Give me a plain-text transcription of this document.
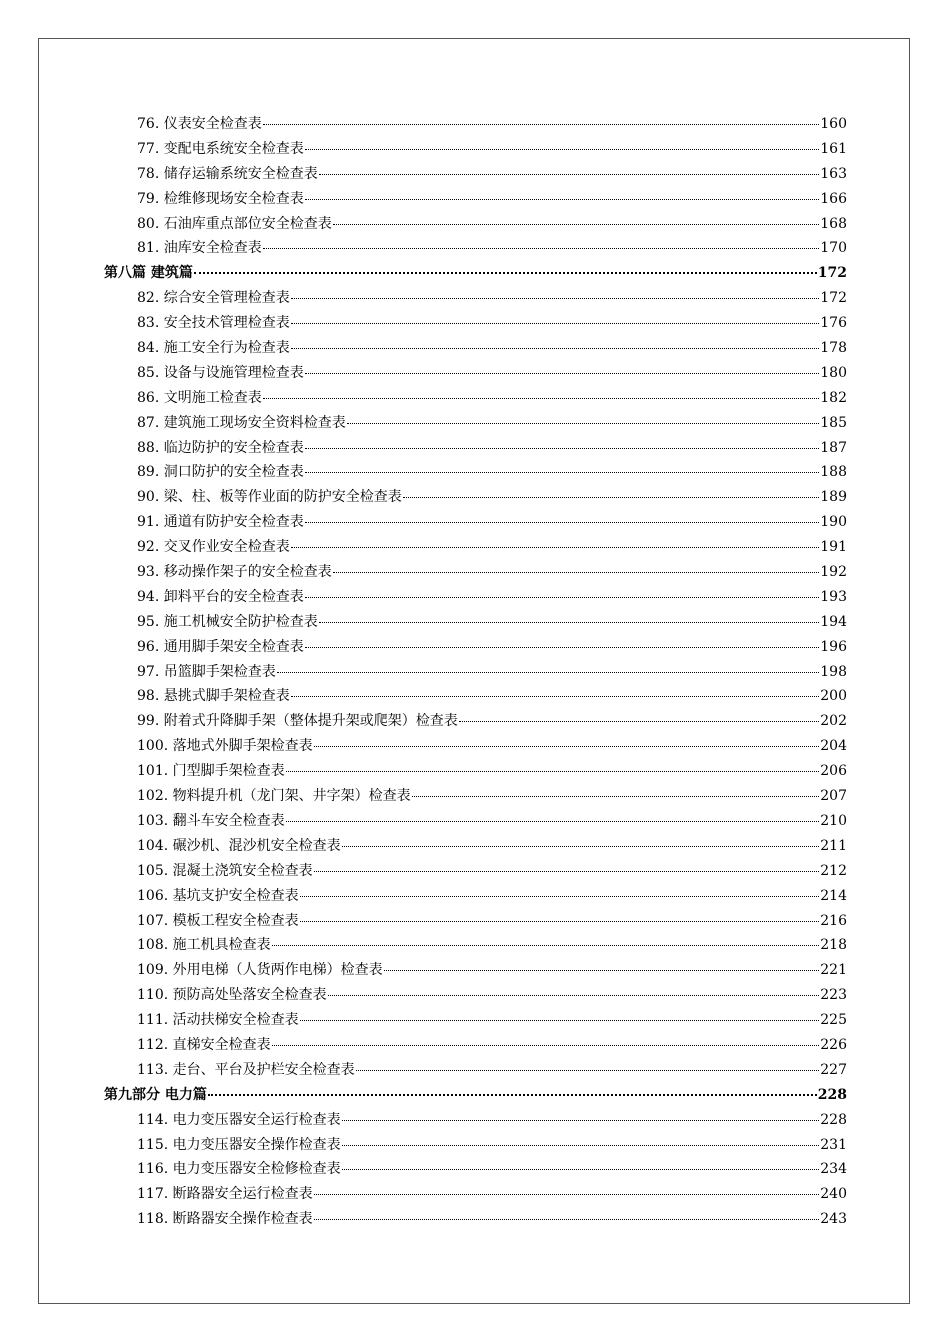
76. 仪表安全检查表	160
77. 变配电系统安全检查表	161
78. 储存运输系统安全检查表	163
79. 检维修现场安全检查表	166
80. 石油库重点部位安全检查表	168
81. 油库安全检查表	170
第八篇 建筑篇	172
82. 综合安全管理检查表	172
83. 安全技术管理检查表	176
84. 施工安全行为检查表	178
85. 设备与设施管理检查表	180
86. 文明施工检查表	182
87. 建筑施工现场安全资料检查表	185
88. 临边防护的安全检查表	187
89. 洞口防护的安全检查表	188
90. 梁、柱、板等作业面的防护安全检查表	189
91. 通道有防护安全检查表	190
92. 交叉作业安全检查表	191
93. 移动操作架子的安全检查表	192
94. 卸料平台的安全检查表	193
95. 施工机械安全防护检查表	194
96. 通用脚手架安全检查表	196
97. 吊篮脚手架检查表	198
98. 悬挑式脚手架检查表	200
99. 附着式升降脚手架（整体提升架或爬架）检查表	202
100. 落地式外脚手架检查表	204
101. 门型脚手架检查表	206
102. 物料提升机（龙门架、井字架）检查表	207
103. 翻斗车安全检查表	210
104. 碾沙机、混沙机安全检查表	211
105. 混凝土浇筑安全检查表	212
106. 基坑支护安全检查表	214
107. 模板工程安全检查表	216
108. 施工机具检查表	218
109. 外用电梯（人货两作电梯）检查表	221
110. 预防高处坠落安全检查表	223
111. 活动扶梯安全检查表	225
112. 直梯安全检查表	226
113. 走台、平台及护栏安全检查表	227
第九部分 电力篇	228
114. 电力变压器安全运行检查表	228
115. 电力变压器安全操作检查表	231
116. 电力变压器安全检修检查表	234
117. 断路器安全运行检查表	240
118. 断路器安全操作检查表	243
